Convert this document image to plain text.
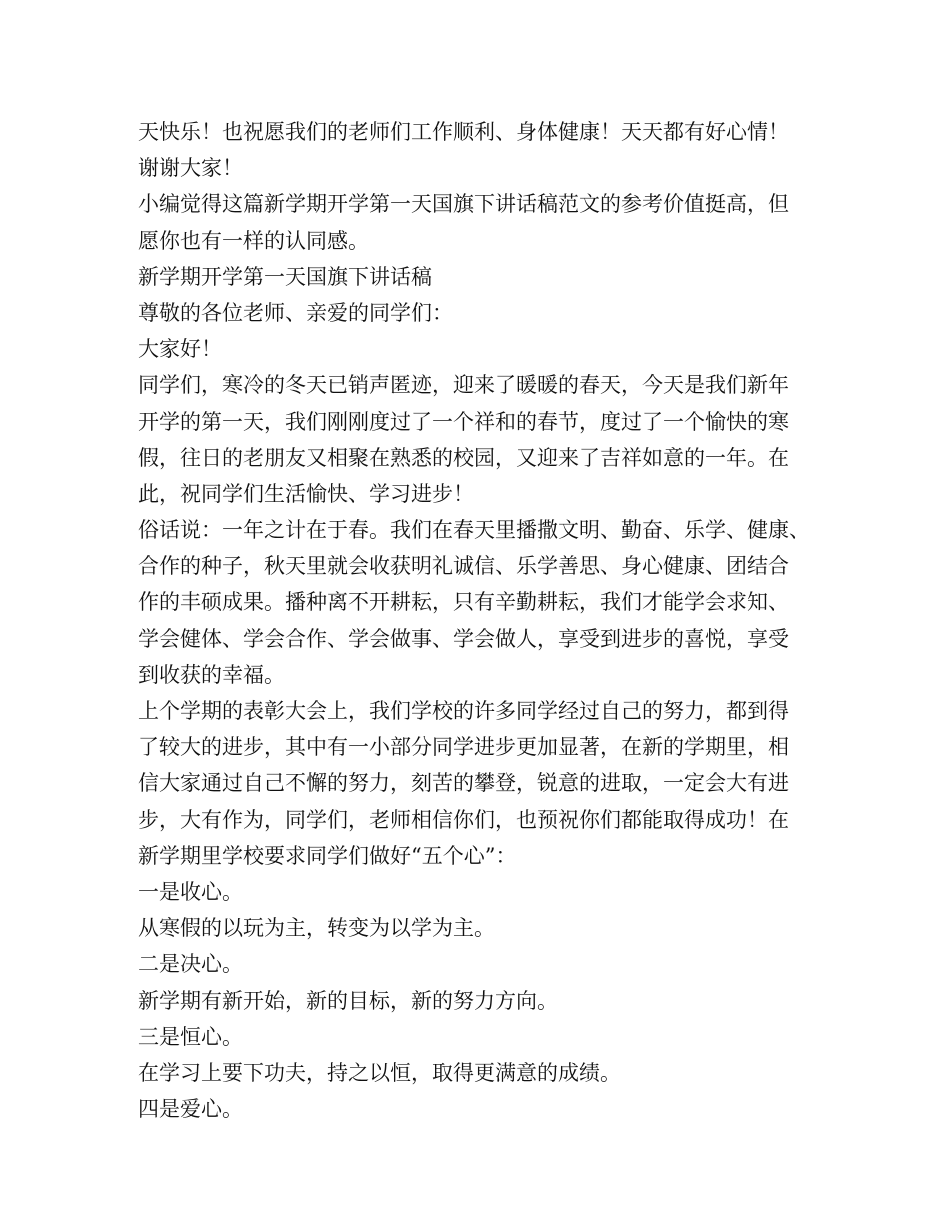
天快乐！也祝愿我们的老师们工作顺利、身体健康！天天都有好心情！
谢谢大家！
小编觉得这篇新学期开学第一天国旗下讲话稿范文的参考价值挺高，但
愿你也有一样的认同感。
新学期开学第一天国旗下讲话稿
尊敬的各位老师、亲爱的同学们：
大家好！
同学们，寒冷的冬天已销声匿迹，迎来了暖暖的春天，今天是我们新年
开学的第一天，我们刚刚度过了一个祥和的春节，度过了一个愉快的寒
假，往日的老朋友又相聚在熟悉的校园，又迎来了吉祥如意的一年。在
此，祝同学们生活愉快、学习进步！
俗话说：一年之计在于春。我们在春天里播撒文明、勤奋、乐学、健康、
合作的种子，秋天里就会收获明礼诚信、乐学善思、身心健康、团结合
作的丰硕成果。播种离不开耕耘，只有辛勤耕耘，我们才能学会求知、
学会健体、学会合作、学会做事、学会做人，享受到进步的喜悦，享受
到收获的幸福。
上个学期的表彰大会上，我们学校的许多同学经过自己的努力，都到得
了较大的进步，其中有一小部分同学进步更加显著，在新的学期里，相
信大家通过自己不懈的努力，刻苦的攀登，锐意的进取，一定会大有进
步，大有作为，同学们，老师相信你们，也预祝你们都能取得成功！在
新学期里学校要求同学们做好“五个心”：
一是收心。
从寒假的以玩为主，转变为以学为主。
二是决心。
新学期有新开始，新的目标，新的努力方向。
三是恒心。
在学习上要下功夫，持之以恒，取得更满意的成绩。
四是爱心。
